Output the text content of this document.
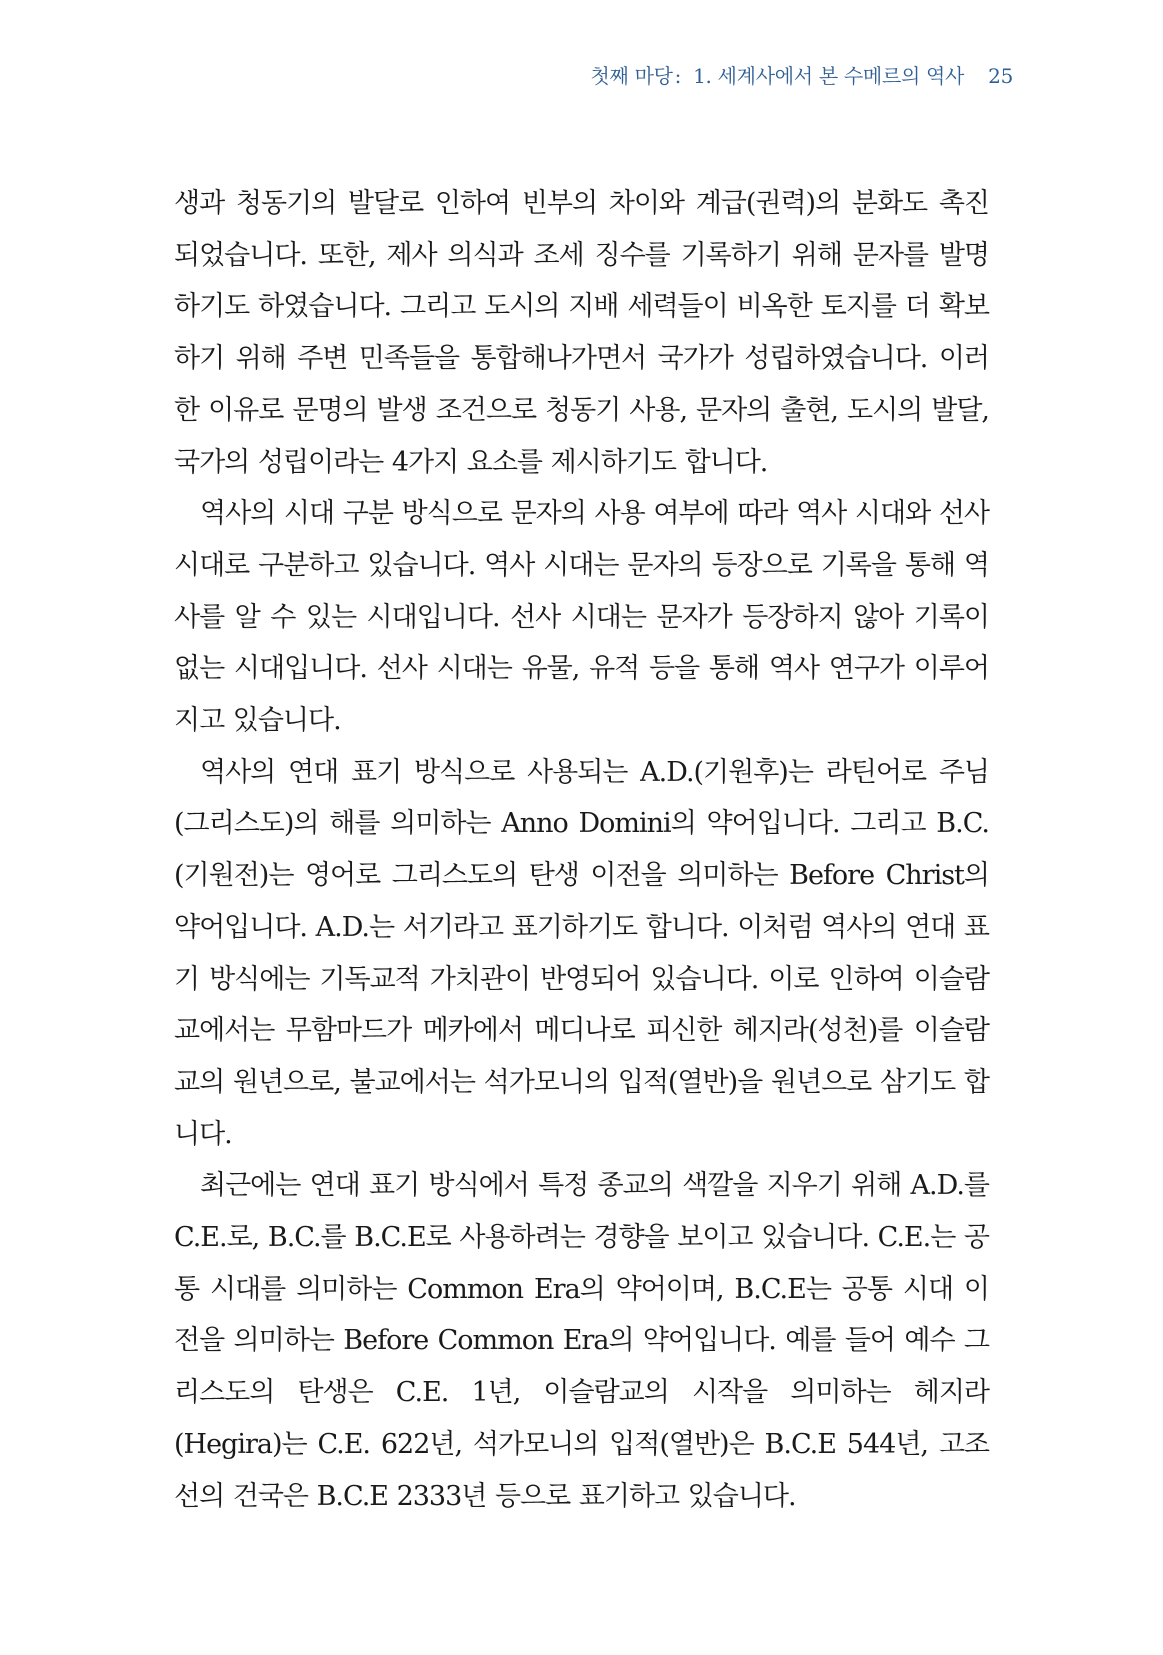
첫째 마당 : 1. 세계사에서 본 수메르의 역사 25

생과 청동기의 발달로 인하여 빈부의 차이와 계급(권력)의 분화도 촉진되었습니다. 또한, 제사 의식과 조세 징수를 기록하기 위해 문자를 발명하기도 하였습니다. 그리고 도시의 지배 세력들이 비옥한 토지를 더 확보하기 위해 주변 민족들을 통합해나가면서 국가가 성립하였습니다. 이러한 이유로 문명의 발생 조건으로 청동기 사용, 문자의 출현, 도시의 발달, 국가의 성립이라는 4가지 요소를 제시하기도 합니다.

역사의 시대 구분 방식으로 문자의 사용 여부에 따라 역사 시대와 선사 시대로 구분하고 있습니다. 역사 시대는 문자의 등장으로 기록을 통해 역사를 알 수 있는 시대입니다. 선사 시대는 문자가 등장하지 않아 기록이 없는 시대입니다. 선사 시대는 유물, 유적 등을 통해 역사 연구가 이루어지고 있습니다.

역사의 연대 표기 방식으로 사용되는 A.D.(기원후)는 라틴어로 주님(그리스도)의 해를 의미하는 Anno Domini의 약어입니다. 그리고 B.C.(기원전)는 영어로 그리스도의 탄생 이전을 의미하는 Before Christ의 약어입니다. A.D.는 서기라고 표기하기도 합니다. 이처럼 역사의 연대 표기 방식에는 기독교적 가치관이 반영되어 있습니다. 이로 인하여 이슬람교에서는 무함마드가 메카에서 메디나로 피신한 헤지라(성천)를 이슬람교의 원년으로, 불교에서는 석가모니의 입적(열반)을 원년으로 삼기도 합니다.

최근에는 연대 표기 방식에서 특정 종교의 색깔을 지우기 위해 A.D.를 C.E.로, B.C.를 B.C.E로 사용하려는 경향을 보이고 있습니다. C.E.는 공통 시대를 의미하는 Common Era의 약어이며, B.C.E는 공통 시대 이전을 의미하는 Before Common Era의 약어입니다. 예를 들어 예수 그리스도의 탄생은 C.E. 1년, 이슬람교의 시작을 의미하는 헤지라(Hegira)는 C.E. 622년, 석가모니의 입적(열반)은 B.C.E 544년, 고조선의 건국은 B.C.E 2333년 등으로 표기하고 있습니다.
